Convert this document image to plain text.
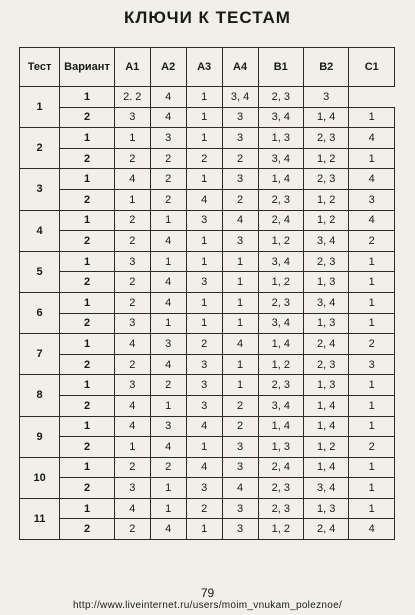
КЛЮЧИ К ТЕСТАМ
Тест	Вариант	A1	A2	A3	A4	B1	B2	C1
1	1	2. 2	4	1	3, 4	2, 3	3	
	2	3	4	1	3	3, 4	1, 4	1
2	1	1	3	1	3	1, 3	2, 3	4
	2	2	2	2	2	3, 4	1, 2	1
3	1	4	2	1	3	1, 4	2, 3	4
	2	1	2	4	2	2, 3	1, 2	3
4	1	2	1	3	4	2, 4	1, 2	4
	2	2	4	1	3	1, 2	3, 4	2
5	1	3	1	1	1	3, 4	2, 3	1
	2	2	4	3	1	1, 2	1, 3	1
6	1	2	4	1	1	2, 3	3, 4	1
	2	3	1	1	1	3, 4	1, 3	1
7	1	4	3	2	4	1, 4	2, 4	2
	2	2	4	3	1	1, 2	2, 3	3
8	1	3	2	3	1	2, 3	1, 3	1
	2	4	1	3	2	3, 4	1, 4	1
9	1	4	3	4	2	1, 4	1, 4	1
	2	1	4	1	3	1, 3	1, 2	2
10	1	2	2	4	3	2, 4	1, 4	1
	2	3	1	3	4	2, 3	3, 4	1
11	1	4	1	2	3	2, 3	1, 3	1
	2	2	4	1	3	1, 2	2, 4	4

79
http://www.liveinternet.ru/users/moim_vnukam_poleznoe/
